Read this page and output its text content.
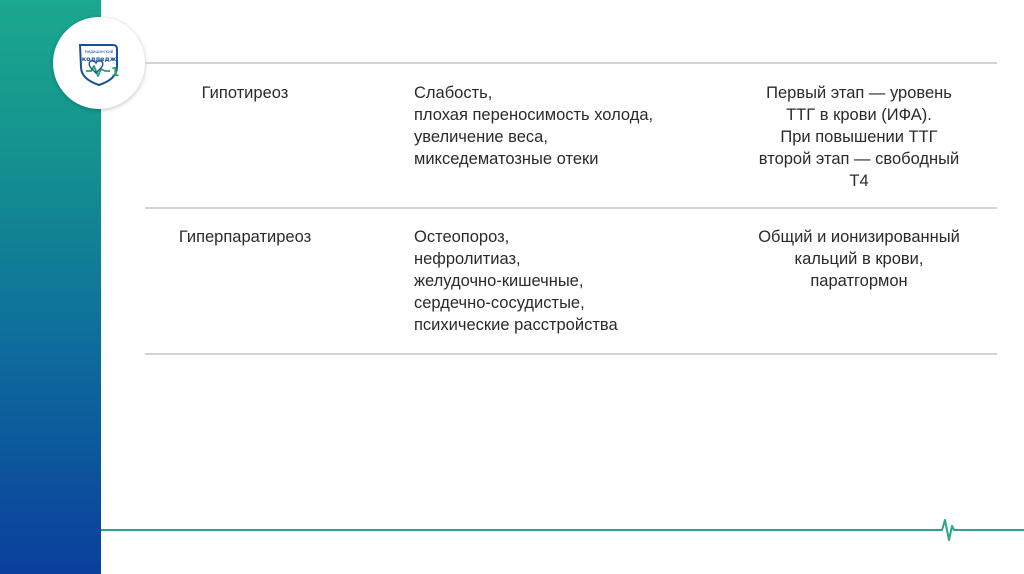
медицинский
колледж
1
Гипотиреоз	Слабость,
плохая переносимость холода,
увеличение веса,
микседематозные отеки
Первый этап — уровень
ТТГ в крови (ИФА).
При повышении ТТГ
второй этап — свободный
Т4
Гиперпаратиреоз	Остеопороз,
нефролитиаз,
желудочно-кишечные,
сердечно-сосудистые,
психические расстройства
Общий и ионизированный
кальций в крови,
паратгормон
